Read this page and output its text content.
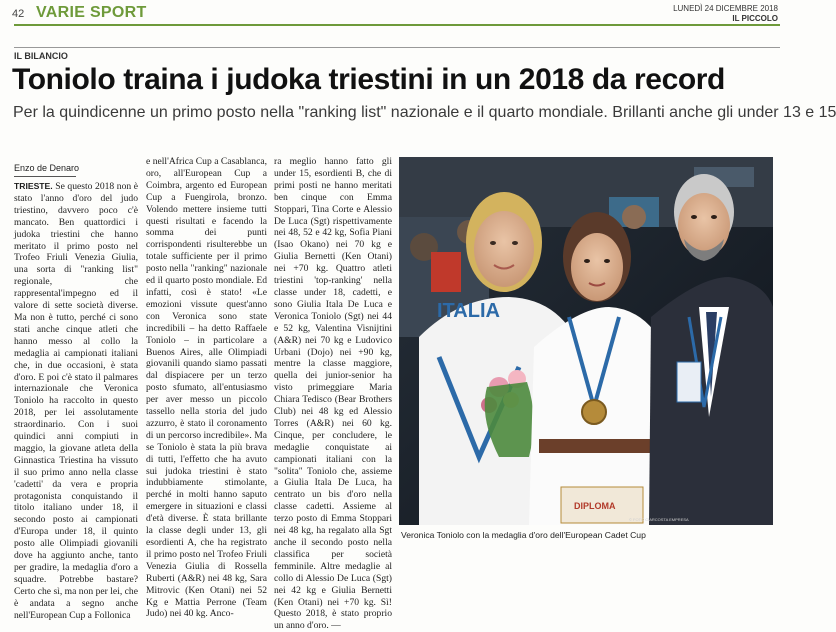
42 VARIE SPORT	LUNEDÌ 24 DICEMBRE 2018
IL PICCOLO
IL BILANCIO
Toniolo traina i judoka triestini in un 2018 da record
Per la quindicenne un primo posto nella "ranking list" nazionale e il quarto mondiale. Brillanti anche gli under 13 e 15
Enzo de Denaro
TRIESTE. Se questo 2018 non è stato l'anno d'oro del judo triestino, davvero poco c'è mancato. Ben quattordici i judoka triestini che hanno meritato il primo posto nel Trofeo Friuli Venezia Giulia, una sorta di "ranking list" regionale, che rappresental'impegno ed il valore di sette società diverse. Ma non è tutto, perché ci sono stati anche cinque atleti che hanno messo al collo la medaglia ai campionati italiani che, in due occasioni, è stata d'oro. E poi c'è stato il palmares internazionale che Veronica Toniolo ha raccolto in questo 2018, per lei assolutamente straordinario. Con i suoi quindici anni compiuti in maggio, la giovane atleta della Ginnastica Triestina ha vissuto il suo primo anno nella classe 'cadetti' da vera e propria protagonista conquistando il titolo italiano under 18, il secondo posto ai campionati d'Europa under 18, il quinto posto alle Olimpiadi giovanili dove ha aggiunto anche, tanto per gradire, la medaglia d'oro a squadre. Potrebbe bastare? Certo che sì, ma non per lei, che è andata a segno anche nell'European Cup a Follonica
e nell'Africa Cup a Casablanca, oro, all'European Cup a Coimbra, argento ed European Cup a Fuengirola, bronzo. Volendo mettere insieme tutti questi risultati e facendo la somma dei punti corrispondenti risulterebbe un totale sufficiente per il primo posto nella "ranking" nazionale ed il quarto posto mondiale. Ed infatti, così è stato! «Le emozioni vissute quest'anno con Veronica sono state incredibili – ha detto Raffaele Toniolo – in particolare a Buenos Aires, alle Olimpiadi giovanili quando siamo passati dal dispiacere per un terzo posto sfumato, all'entusiasmo per aver messo un piccolo tassello nella storia del judo azzurro, è stato il coronamento di un percorso incredibile». Ma se Toniolo è stata la più brava di tutti, l'effetto che ha avuto sui judoka triestini è stato indubbiamente stimolante, perché in molti hanno saputo emergere in situazioni e classi d'età diverse. È stata brillante la classe degli under 13, gli esordienti A, che ha registrato il primo posto nel Trofeo Friuli Venezia Giulia di Rossella Ruberti (A&R) nei 48 kg, Sara Mitrovic (Ken Otani) nei 52 Kg e Mattia Perrone (Team Judo) nei 40 kg. Anco-
ra meglio hanno fatto gli under 15, esordienti B, che di primi posti ne hanno meritati ben cinque con Emma Stoppari, Tina Corte e Alessio De Luca (Sgt) rispettivamente nei 48, 52 e 42 kg, Sofia Piani (Isao Okano) nei 70 kg e Giulia Bernetti (Ken Otani) nei +70 kg. Quattro atleti triestini 'top-ranking' nella classe under 18, cadetti, e sono Giulia Itala De Luca e Veronica Toniolo (Sgt) nei 44 e 52 kg, Valentina Visnijtini (A&R) nei 70 kg e Ludovico Urbani (Dojo) nei +90 kg, mentre la classe maggiore, quella dei junior-senior ha visto primeggiare Maria Chiara Tedisco (Bear Brothers Club) nei 48 kg ed Alessio Torres (A&R) nei 60 kg. Cinque, per concludere, le medaglie conquistate ai campionati italiani con la "solita" Toniolo che, assieme a Giulia Itala De Luca, ha centrato un bis d'oro nella classe cadetti. Assieme al terzo posto di Emma Stoppari nei 48 kg, ha regalato alla Sgt anche il secondo posto nella classifica per società femminile. Altre medaglie al collo di Alessio De Luca (Sgt) nei 42 kg e Giulia Bernetti (Ken Otani) nei +70 kg. Sì! Questo 2018, è stato proprio un anno d'oro. —
ITALIA
DIPLOMA
© FOTO CIARCOSTA EMPRESA
Veronica Toniolo con la medaglia d'oro dell'European Cadet Cup
